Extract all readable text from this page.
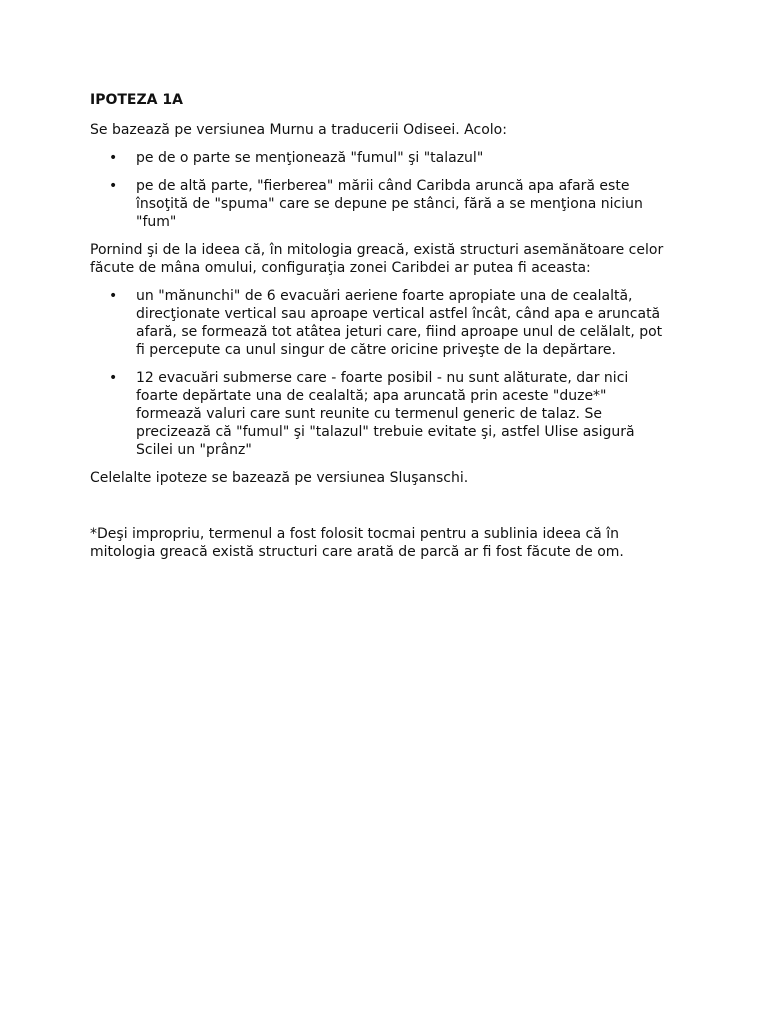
IPOTEZA 1A

Se bazează pe versiunea Murnu a traducerii Odiseei. Acolo:

• pe de o parte se menţionează "fumul" şi "talazul"
• pe de altă parte, "fierberea" mării când Caribda aruncă apa afară este însoţită de "spuma" care se depune pe stânci, fără a se menţiona niciun "fum"

Pornind şi de la ideea că, în mitologia greacă, există structuri asemănătoare celor făcute de mâna omului, configuraţia zonei Caribdei ar putea fi aceasta:

• un "mănunchi" de 6 evacuări aeriene foarte apropiate una de cealaltă, direcţionate vertical sau aproape vertical astfel încât, când apa e aruncată afară, se formează tot atâtea jeturi care, fiind aproape unul de celălalt, pot fi percepute ca unul singur de către oricine priveşte de la depărtare.
• 12 evacuări submerse care - foarte posibil - nu sunt alăturate, dar nici foarte depărtate una de cealaltă; apa aruncată prin aceste "duze*" formează valuri care sunt reunite cu termenul generic de talaz. Se precizează că "fumul" şi "talazul" trebuie evitate şi, astfel Ulise asigură Scilei un "prânz"

Celelalte ipoteze se bazează pe versiunea Sluşanschi.

*Deşi impropriu, termenul a fost folosit tocmai pentru a sublinia ideea că în mitologia greacă există structuri care arată de parcă ar fi fost făcute de om.
